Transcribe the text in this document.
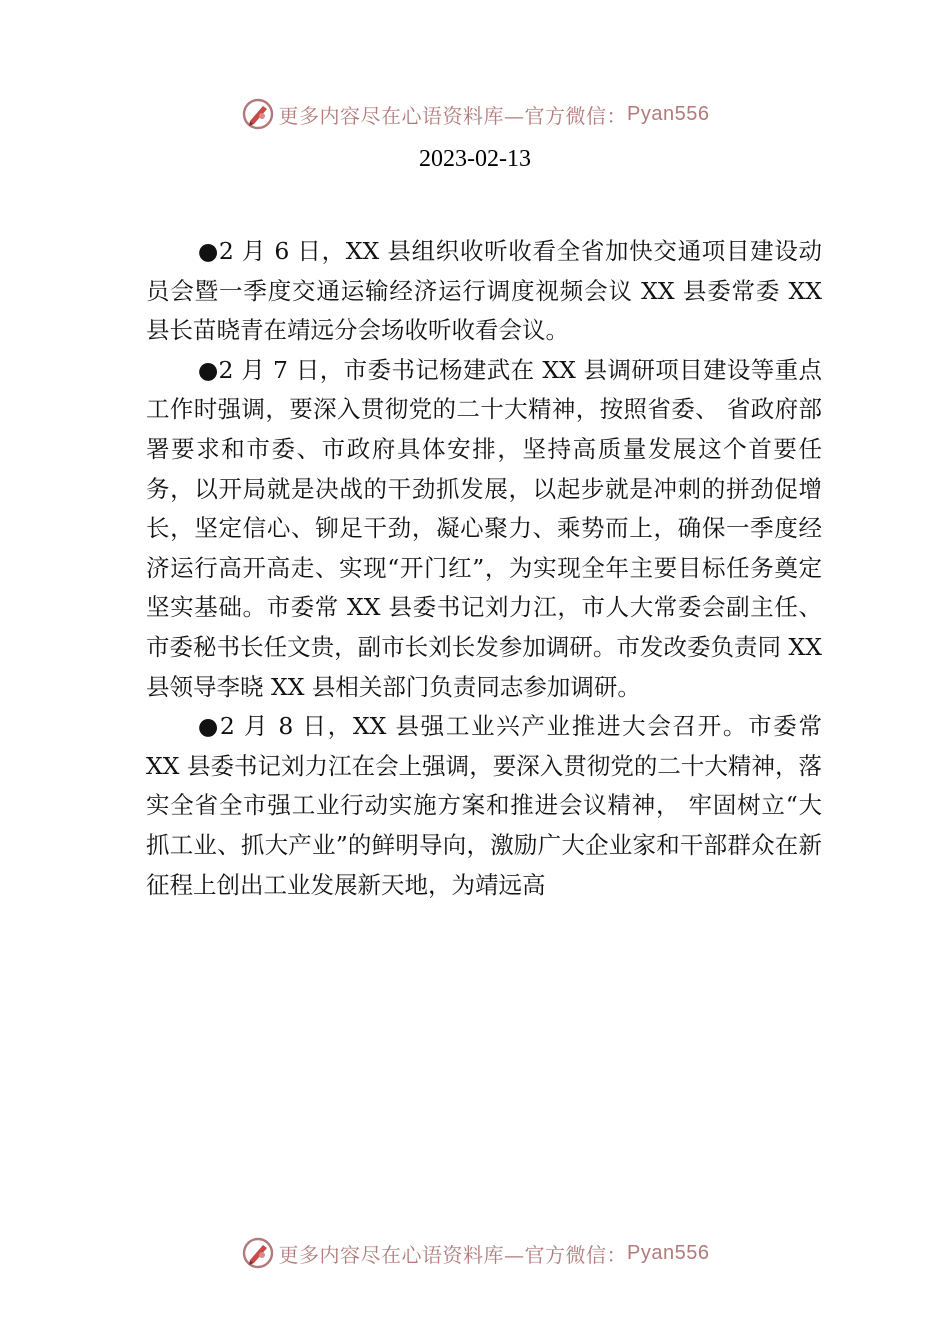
更多内容尽在心语资料库—官方微信： Pyan556
2023-02-13

●2 月 6 日，XX 县组织收听收看全省加快交通项目建设动员会暨一季度交通运输经济运行调度视频会议 XX 县委常委 XX 县长苗晓青在靖远分会场收听收看会议。

●2 月 7 日，市委书记杨建武在 XX 县调研项目建设等重点工作时强调，要深入贯彻党的二十大精神，按照省委、 省政府部署要求和市委、市政府具体安排，坚持高质量发展这个首要任务，以开局就是决战的干劲抓发展，以起步就是冲刺的拼劲促增长，坚定信心、铆足干劲，凝心聚力、乘势而上，确保一季度经济运行高开高走、实现“开门红”，为实现全年主要目标任务奠定坚实基础。市委常 XX 县委书记刘力江，市人大常委会副主任、市委秘书长任文贵，副市长刘长发参加调研。市发改委负责同 XX 县领导李晓 XX 县相关部门负责同志参加调研。

●2 月 8 日，XX 县强工业兴产业推进大会召开。市委常 XX 县委书记刘力江在会上强调，要深入贯彻党的二十大精神，落实全省全市强工业行动实施方案和推进会议精神， 牢固树立“大抓工业、抓大产业”的鲜明导向，激励广大企业家和干部群众在新征程上创出工业发展新天地，为靖远高

更多内容尽在心语资料库—官方微信： Pyan556
